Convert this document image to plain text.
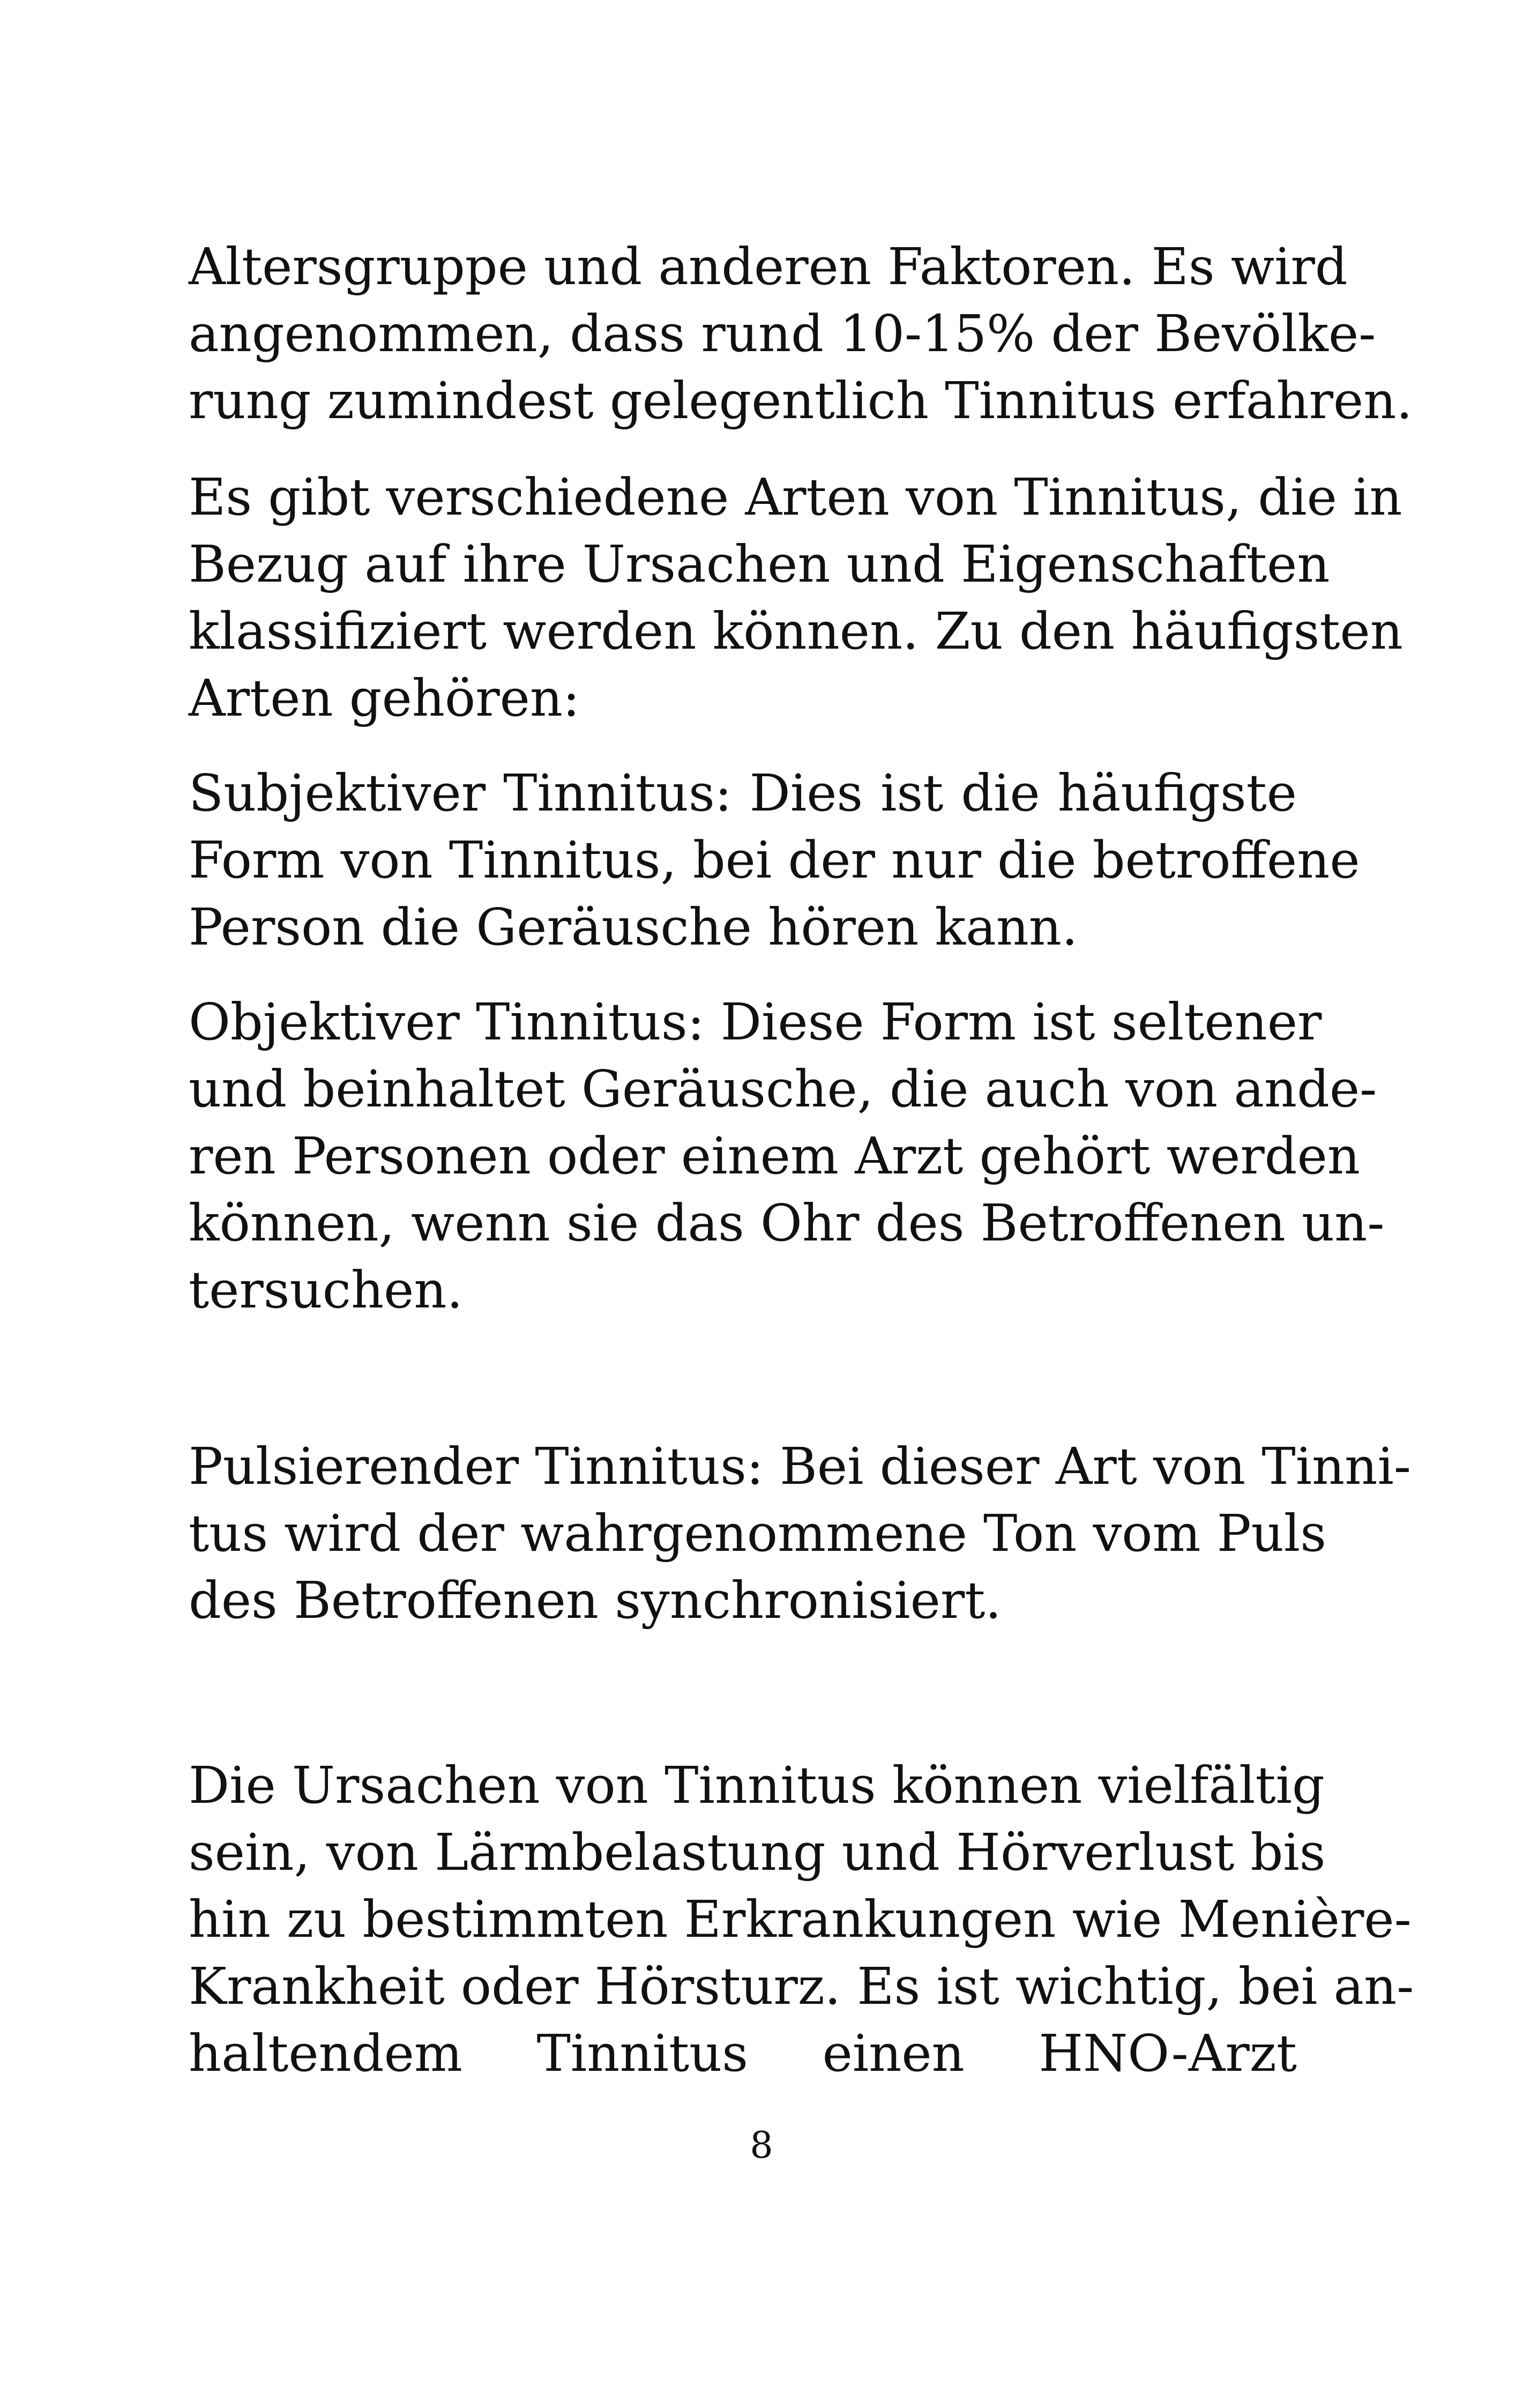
Altersgruppe und anderen Faktoren. Es wird
angenommen, dass rund 10-15% der Bevölke-
rung zumindest gelegentlich Tinnitus erfahren.
Es gibt verschiedene Arten von Tinnitus, die in
Bezug auf ihre Ursachen und Eigenschaften
klassifiziert werden können. Zu den häufigsten
Arten gehören:
Subjektiver Tinnitus: Dies ist die häufigste
Form von Tinnitus, bei der nur die betroffene
Person die Geräusche hören kann.
Objektiver Tinnitus: Diese Form ist seltener
und beinhaltet Geräusche, die auch von ande-
ren Personen oder einem Arzt gehört werden
können, wenn sie das Ohr des Betroffenen un-
tersuchen.
Pulsierender Tinnitus: Bei dieser Art von Tinni-
tus wird der wahrgenommene Ton vom Puls
des Betroffenen synchronisiert.
Die Ursachen von Tinnitus können vielfältig
sein, von Lärmbelastung und Hörverlust bis
hin zu bestimmten Erkrankungen wie Menière-
Krankheit oder Hörsturz. Es ist wichtig, bei an-
haltendem Tinnitus einen HNO-Arzt
8
